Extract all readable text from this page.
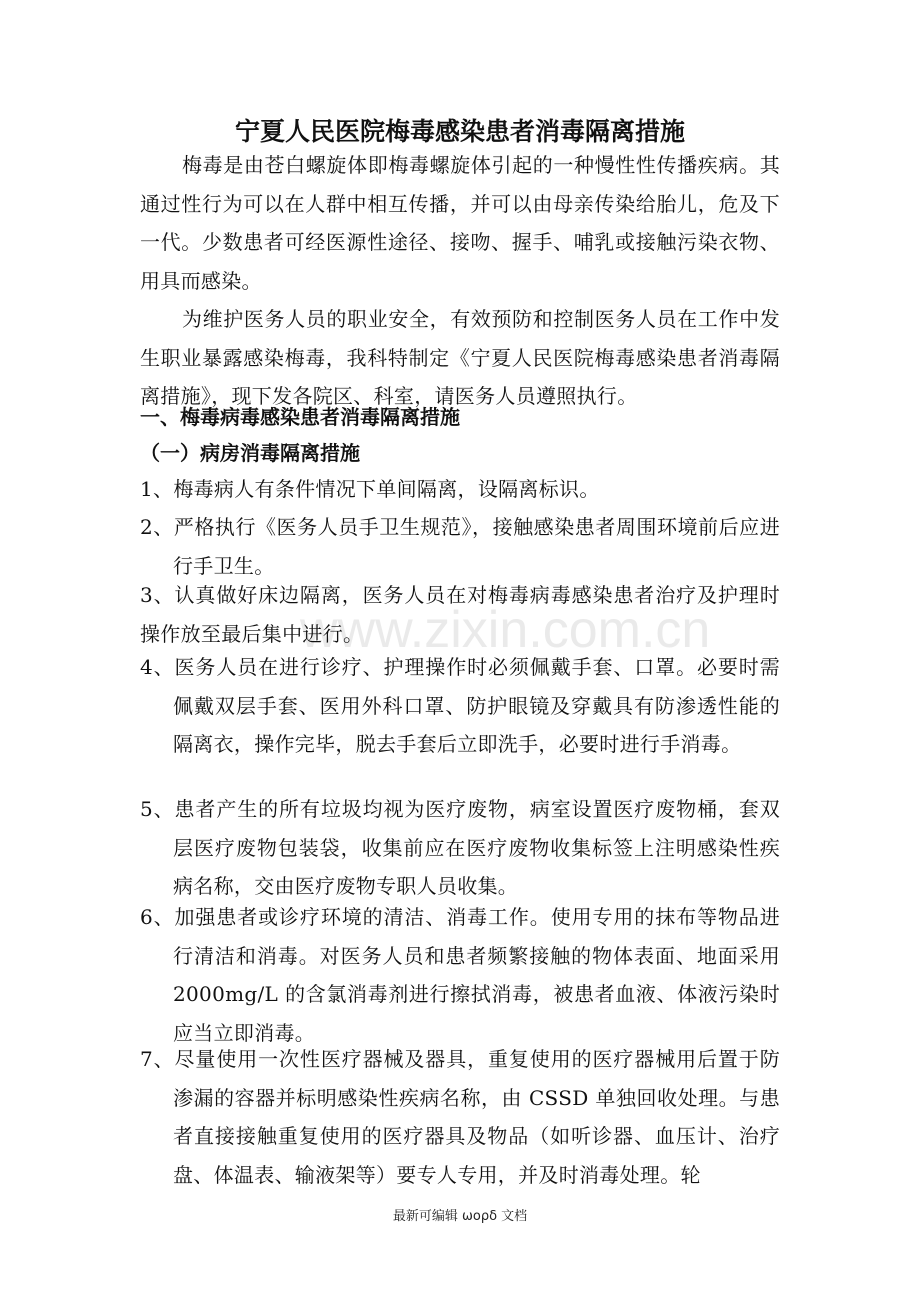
www.zixin.com.cn
宁夏人民医院梅毒感染患者消毒隔离措施
梅毒是由苍白螺旋体即梅毒螺旋体引起的一种慢性性传播疾病。其通过性行为可以在人群中相互传播，并可以由母亲传染给胎儿，危及下一代。少数患者可经医源性途径、接吻、握手、哺乳或接触污染衣物、用具而感染。
为维护医务人员的职业安全，有效预防和控制医务人员在工作中发生职业暴露感染梅毒，我科特制定《宁夏人民医院梅毒感染患者消毒隔离措施》，现下发各院区、科室，请医务人员遵照执行。
一、梅毒病毒感染患者消毒隔离措施
（一）病房消毒隔离措施
1、梅毒病人有条件情况下单间隔离，设隔离标识。
2、严格执行《医务人员手卫生规范》，接触感染患者周围环境前后应进行手卫生。
3、认真做好床边隔离，医务人员在对梅毒病毒感染患者治疗及护理时操作放至最后集中进行。
4、医务人员在进行诊疗、护理操作时必须佩戴手套、口罩。必要时需佩戴双层手套、医用外科口罩、防护眼镜及穿戴具有防渗透性能的隔离衣，操作完毕，脱去手套后立即洗手，必要时进行手消毒。
5、患者产生的所有垃圾均视为医疗废物，病室设置医疗废物桶，套双层医疗废物包装袋，收集前应在医疗废物收集标签上注明感染性疾病名称，交由医疗废物专职人员收集。
6、加强患者或诊疗环境的清洁、消毒工作。使用专用的抹布等物品进行清洁和消毒。对医务人员和患者频繁接触的物体表面、地面采用 2000mg/L 的含氯消毒剂进行擦拭消毒，被患者血液、体液污染时应当立即消毒。
7、尽量使用一次性医疗器械及器具，重复使用的医疗器械用后置于防渗漏的容器并标明感染性疾病名称，由 CSSD 单独回收处理。与患者直接接触重复使用的医疗器具及物品（如听诊器、血压计、治疗盘、体温表、输液架等）要专人专用，并及时消毒处理。轮
最新可编辑 ωορδ 文档
